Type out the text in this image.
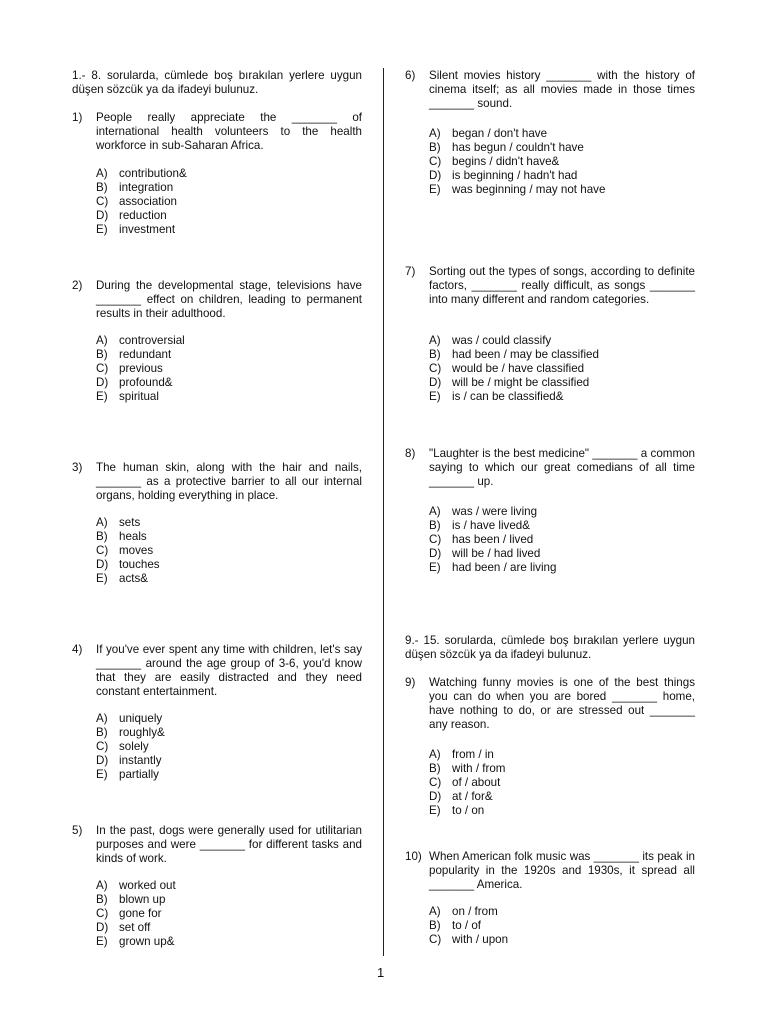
1.- 8. sorularda, cümlede boş bırakılan yerlere uygun düşen sözcük ya da ifadeyi bulunuz.
1) People really appreciate the _______ of international health volunteers to the health workforce in sub-Saharan Africa.
A) contribution&
B) integration
C) association
D) reduction
E) investment
2) During the developmental stage, televisions have _______ effect on children, leading to permanent results in their adulthood.
A) controversial
B) redundant
C) previous
D) profound&
E) spiritual
3) The human skin, along with the hair and nails, _______ as a protective barrier to all our internal organs, holding everything in place.
A) sets
B) heals
C) moves
D) touches
E) acts&
4) If you've ever spent any time with children, let's say _______ around the age group of 3-6, you'd know that they are easily distracted and they need constant entertainment.
A) uniquely
B) roughly&
C) solely
D) instantly
E) partially
5) In the past, dogs were generally used for utilitarian purposes and were _______ for different tasks and kinds of work.
A) worked out
B) blown up
C) gone for
D) set off
E) grown up&
6) Silent movies history _______ with the history of cinema itself; as all movies made in those times _______ sound.
A) began / don't have
B) has begun / couldn't have
C) begins / didn't have&
D) is beginning / hadn't had
E) was beginning / may not have
7) Sorting out the types of songs, according to definite factors, _______ really difficult, as songs _______ into many different and random categories.
A) was / could classify
B) had been / may be classified
C) would be / have classified
D) will be / might be classified
E) is / can be classified&
8) "Laughter is the best medicine" _______ a common saying to which our great comedians of all time _______ up.
A) was / were living
B) is / have lived&
C) has been / lived
D) will be / had lived
E) had been / are living
9.- 15. sorularda, cümlede boş bırakılan yerlere uygun düşen sözcük ya da ifadeyi bulunuz.
9) Watching funny movies is one of the best things you can do when you are bored _______ home, have nothing to do, or are stressed out _______ any reason.
A) from / in
B) with / from
C) of / about
D) at / for&
E) to / on
10) When American folk music was _______ its peak in popularity in the 1920s and 1930s, it spread all _______ America.
A) on / from
B) to / of
C) with / upon
1
